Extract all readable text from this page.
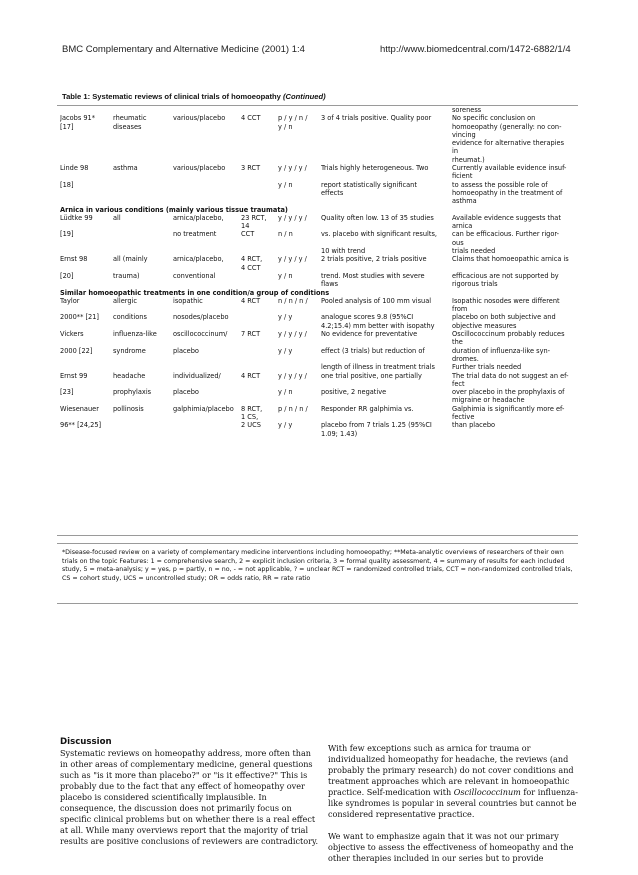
BMC Complementary and Alternative Medicine (2001) 1:4	http://www.biomedcentral.com/1472-6882/1/4
Table 1: Systematic reviews of clinical trials of homoeopathy (Continued)
						soreness
Jacobs 91*	rheumatic	various/placebo	4 CCT	p / y / n /	3 of 4 trials positive. Quality poor	No specific conclusion on
[17]	diseases			y / n		homoeopathy (generally: no con-
						vincing
						evidence for alternative therapies
						in
						rheumat.)
Linde 98	asthma	various/placebo	3 RCT	y / y / y /	Trials highly heterogeneous. Two	Currently available evidence insuf-
						ficient
[18]				y / n	report statistically significant	to assess the possible role of
					effects	homoeopathy in the treatment of
						asthma
Arnica in various conditions (mainly various tissue traumata)						
Lüdtke 99	all	arnica/placebo,	23 RCT,	y / y / y /	Quality often low. 13 of 35 studies	Available evidence suggests that
			14			arnica
[19]		no treatment	CCT	n / n	vs. placebo with significant results,	can be efficacious. Further rigor-
						ous
					10 with trend	trials needed
Ernst 98	all (mainly	arnica/placebo,	4 RCT,	y / y / y /	2 trials positive, 2 trials positive	Claims that homoeopathic arnica is
			4 CCT			
[20]	trauma)	conventional		y / n	trend. Most studies with severe	efficacious are not supported by
					flaws	rigorous trials
Similar homoeopathic treatments in one condition/a group of conditions						
Taylor	allergic	isopathic	4 RCT	n / n / n /	Pooled analysis of 100 mm visual	Isopathic nosodes were different
						from
2000** [21]	conditions	nosodes/placebo		y / y	analogue scores 9.8 (95%CI	placebo on both subjective and
					4.2;15.4) mm better with isopathy	objective measures
Vickers	influenza-like	oscillococcinum/	7 RCT	y / y / y /	No evidence for preventative	Oscillococcinum probably reduces
						the
2000 [22]	syndrome	placebo		y / y	effect (3 trials) but reduction of	duration of influenza-like syn-
						dromes.
					length of illness in treatment trials	Further trials needed
Ernst 99	headache	individualized/	4 RCT	y / y / y /	one trial positive, one partially	The trial data do not suggest an ef-
						fect
[23]	prophylaxis	placebo		y / n	positive, 2 negative	over placebo in the prophylaxis of
						migraine or headache
Wiesenauer	pollinosis	galphimia/placebo	8 RCT,	p / n / n /	Responder RR galphimia vs.	Galphimia is significantly more ef-
			1 CS,			fective
96** [24,25]			2 UCS	y / y	placebo from 7 trials 1.25 (95%CI	than placebo
					1.09; 1.43)	
*Disease-focused review on a variety of complementary medicine interventions including homoeopathy; **Meta-analytic overviews of researchers of their own trials on the topic Features: 1 = comprehensive search, 2 = explicit inclusion criteria, 3 = formal quality assessment, 4 = summary of results for each included study, 5 = meta-analysis; y = yes, p = partly, n = no, - = not applicable, ? = unclear RCT = randomized controlled trials, CCT = non-randomized controlled trials, CS = cohort study, UCS = uncontrolled study; OR = odds ratio, RR = rate ratio
Discussion

Systematic reviews on homeopathy address, more often than in other areas of complementary medicine, general questions such as "is it more than placebo?" or "is it effective?" This is probably due to the fact that any effect of homeopathy over placebo is considered scientifically implausible. In consequence, the discussion does not primarily focus on specific clinical problems but on whether there is a real effect at all. While many overviews report that the majority of trial results are positive conclusions of reviewers are contradictory.

With few exceptions such as arnica for trauma or individualized homeopathy for headache, the reviews (and probably the primary research) do not cover conditions and treatment approaches which are relevant in homoeopathic practice. Self-medication with Oscillococcinum for influenza-like syndromes is popular in several countries but cannot be considered representative practice.

We want to emphasize again that it was not our primary objective to assess the effectiveness of homeopathy and the other therapies included in our series but to provide
